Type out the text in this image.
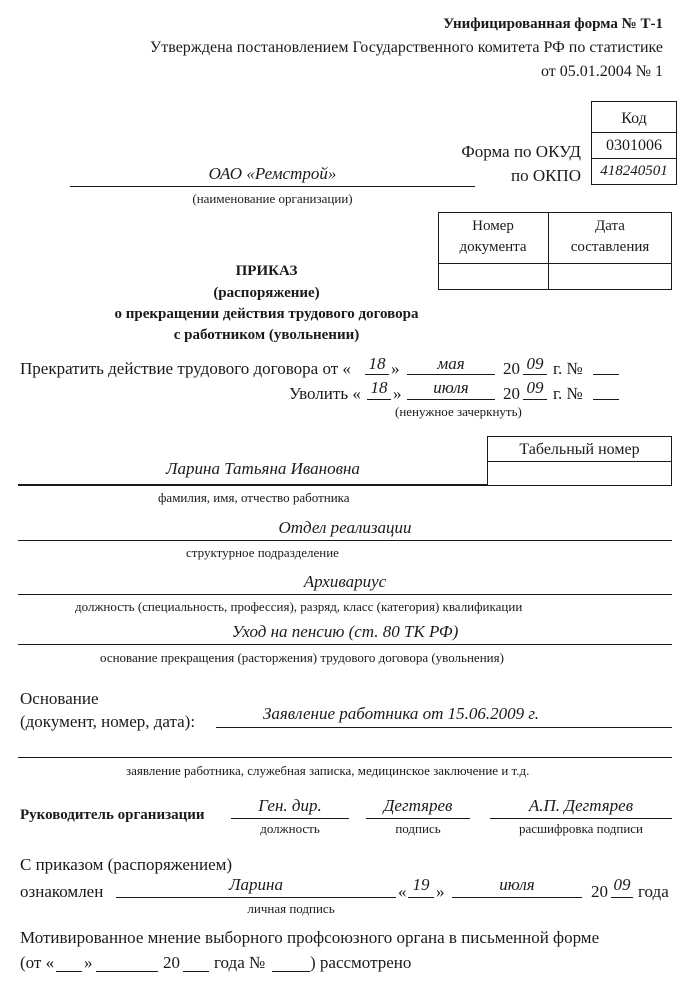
Унифицированная форма № Т-1
Утверждена постановлением Государственного комитета РФ по статистике
от 05.01.2004 № 1
Код
0301006
418240501
Форма по ОКУД
по ОКПО
ОАО «Ремстрой»
(наименование организации)
Номер
документа
Дата
составления
ПРИКАЗ
(распоряжение)
о прекращении действия трудового договора
с работником (увольнении)
Прекратить действие трудового договора от « 18 »	мая	20 09 г. №
Уволить « 18 »	июля	20 09 г. №
(ненужное зачеркнуть)
Табельный номер
Ларина Татьяна Ивановна
фамилия, имя, отчество работника
Отдел реализации
структурное подразделение
Архивариус
должность (специальность, профессия), разряд, класс (категория) квалификации
Уход на пенсию (ст. 80 ТК РФ)
основание прекращения (расторжения) трудового договора (увольнения)
Основание
(документ, номер, дата):	Заявление работника от 15.06.2009 г.
заявление работника, служебная записка, медицинское заключение и т.д.
Руководитель организации	Ген. дир.
должность
Дегтярев
подпись
А.П. Дегтярев
расшифровка подписи
С приказом (распоряжением)
ознакомлен	Ларина
личная подпись
« 19 »	июля	20 09 года
Мотивированное мнение выборного профсоюзного органа в письменной форме
(от « »	20 года №	) рассмотрено
